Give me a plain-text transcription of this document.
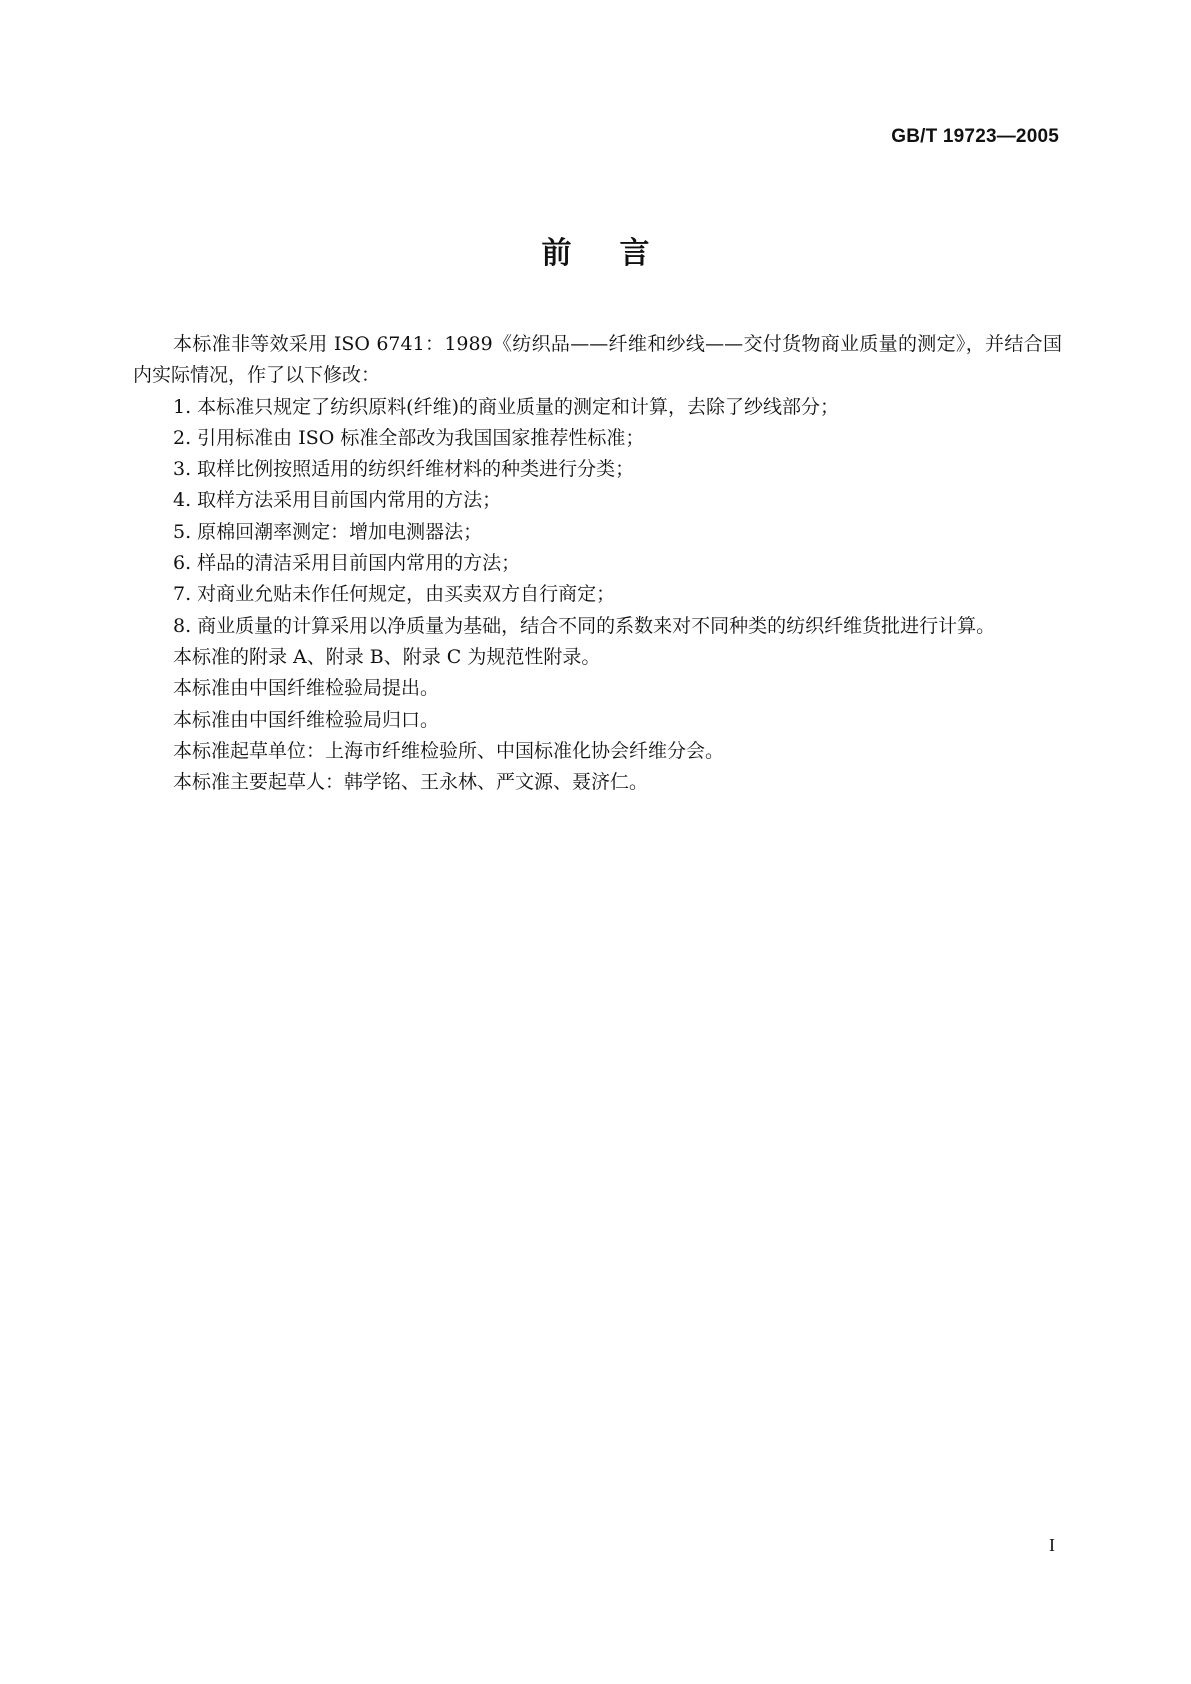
GB/T 19723—2005
前言

本标准非等效采用 ISO 6741：1989《纺织品——纤维和纱线——交付货物商业质量的测定》，并结合国内实际情况，作了以下修改：

1. 本标准只规定了纺织原料(纤维)的商业质量的测定和计算，去除了纱线部分；

2. 引用标准由 ISO 标准全部改为我国国家推荐性标准；

3. 取样比例按照适用的纺织纤维材料的种类进行分类；

4. 取样方法采用目前国内常用的方法；

5. 原棉回潮率测定：增加电测器法；

6. 样品的清洁采用目前国内常用的方法；

7. 对商业允贴未作任何规定，由买卖双方自行商定；

8. 商业质量的计算采用以净质量为基础，结合不同的系数来对不同种类的纺织纤维货批进行计算。

本标准的附录 A、附录 B、附录 C 为规范性附录。

本标准由中国纤维检验局提出。

本标准由中国纤维检验局归口。

本标准起草单位：上海市纤维检验所、中国标准化协会纤维分会。

本标准主要起草人：韩学铭、王永林、严文源、聂济仁。

I
